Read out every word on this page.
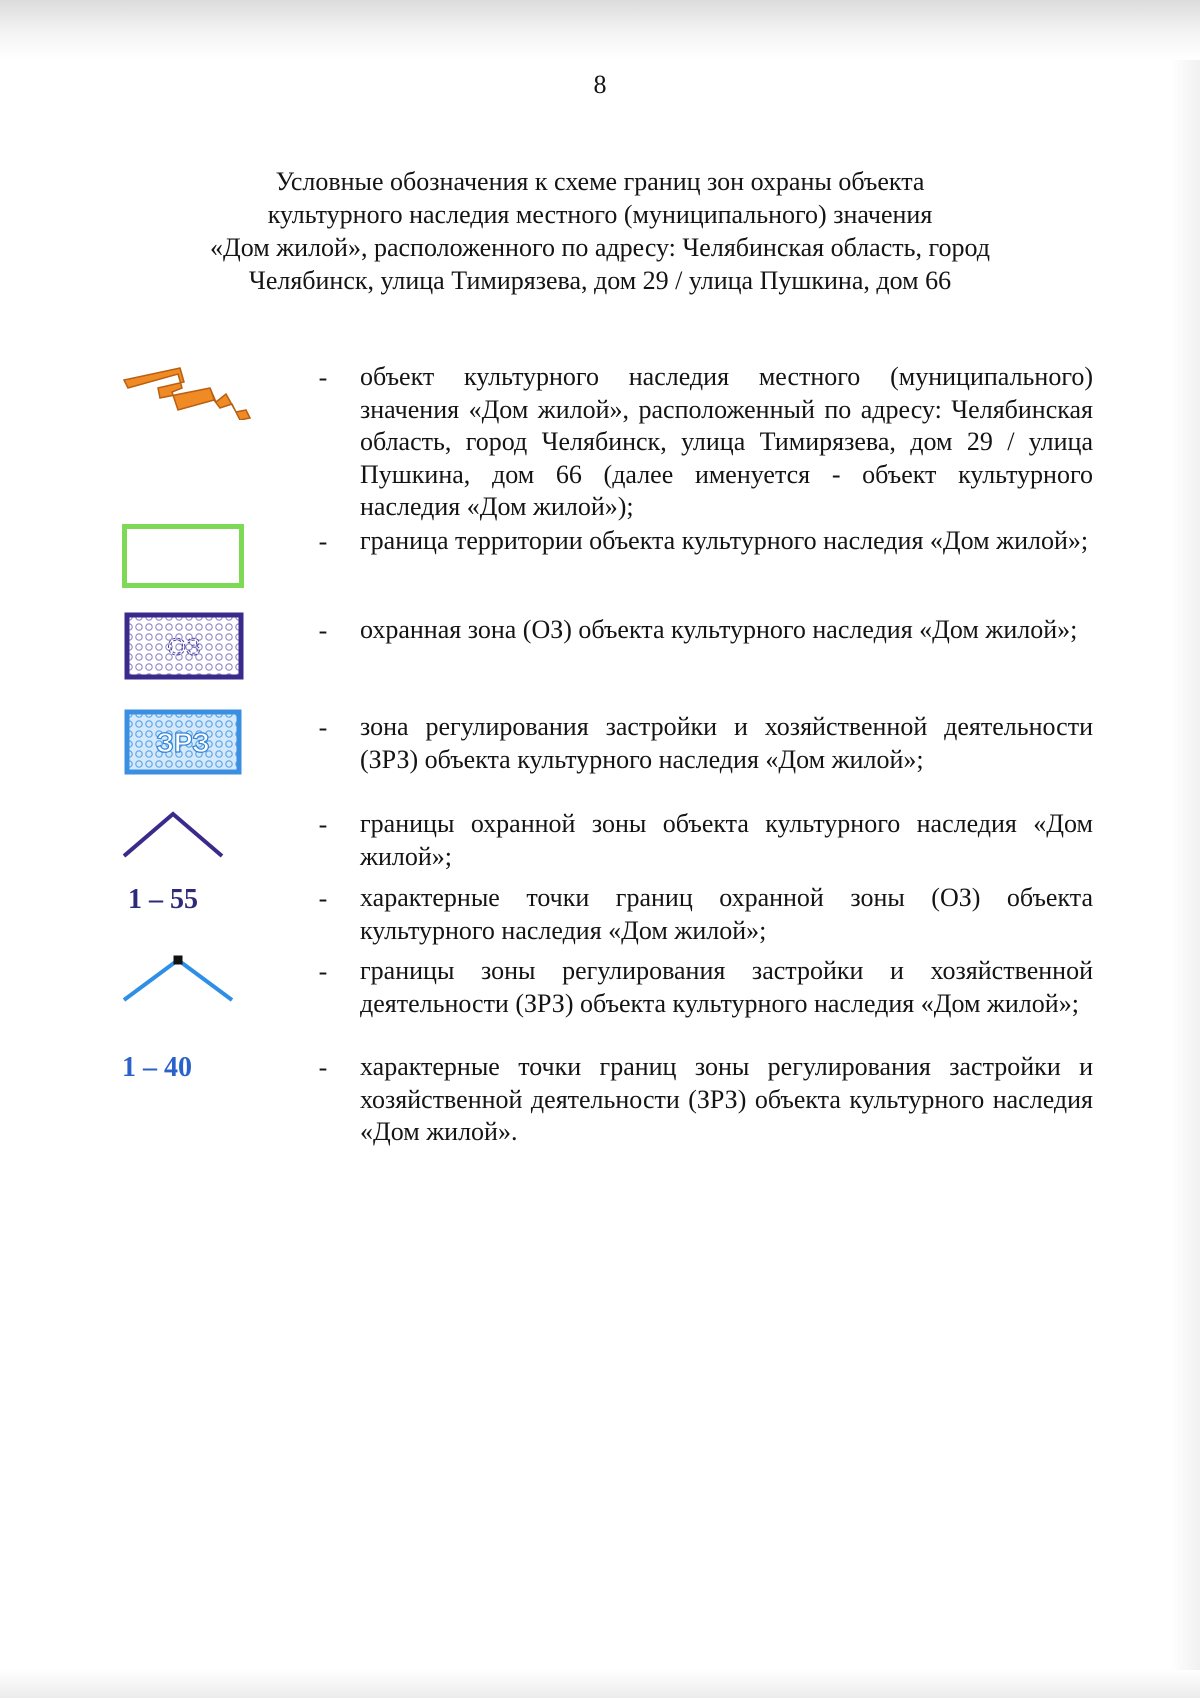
8
Условные обозначения к схеме границ зон охраны объекта
культурного наследия местного (муниципального) значения
«Дом жилой», расположенного по адресу: Челябинская область, город
Челябинск, улица Тимирязева, дом 29 / улица Пушкина, дом 66
- объект культурного наследия местного (муниципального) значения «Дом жилой», расположенный по адресу: Челябинская область, город Челябинск, улица Тимирязева, дом 29 / улица Пушкина, дом 66 (далее именуется - объект культурного наследия «Дом жилой»);
- граница территории объекта культурного наследия «Дом жилой»;
ОЗ
- охранная зона (ОЗ) объекта культурного наследия «Дом жилой»;
ЗРЗ	- зона регулирования застройки и хозяйственной деятельности (ЗРЗ) объекта культурного наследия «Дом жилой»;
- границы охранной зоны объекта культурного наследия «Дом жилой»;
1 – 55	- характерные точки границ охранной зоны (ОЗ) объекта культурного наследия «Дом жилой»;
- границы зоны регулирования застройки и хозяйственной деятельности (ЗРЗ) объекта культурного наследия «Дом жилой»;
1 – 40	- характерные точки границ зоны регулирования застройки и хозяйственной деятельности (ЗРЗ) объекта культурного наследия «Дом жилой».
